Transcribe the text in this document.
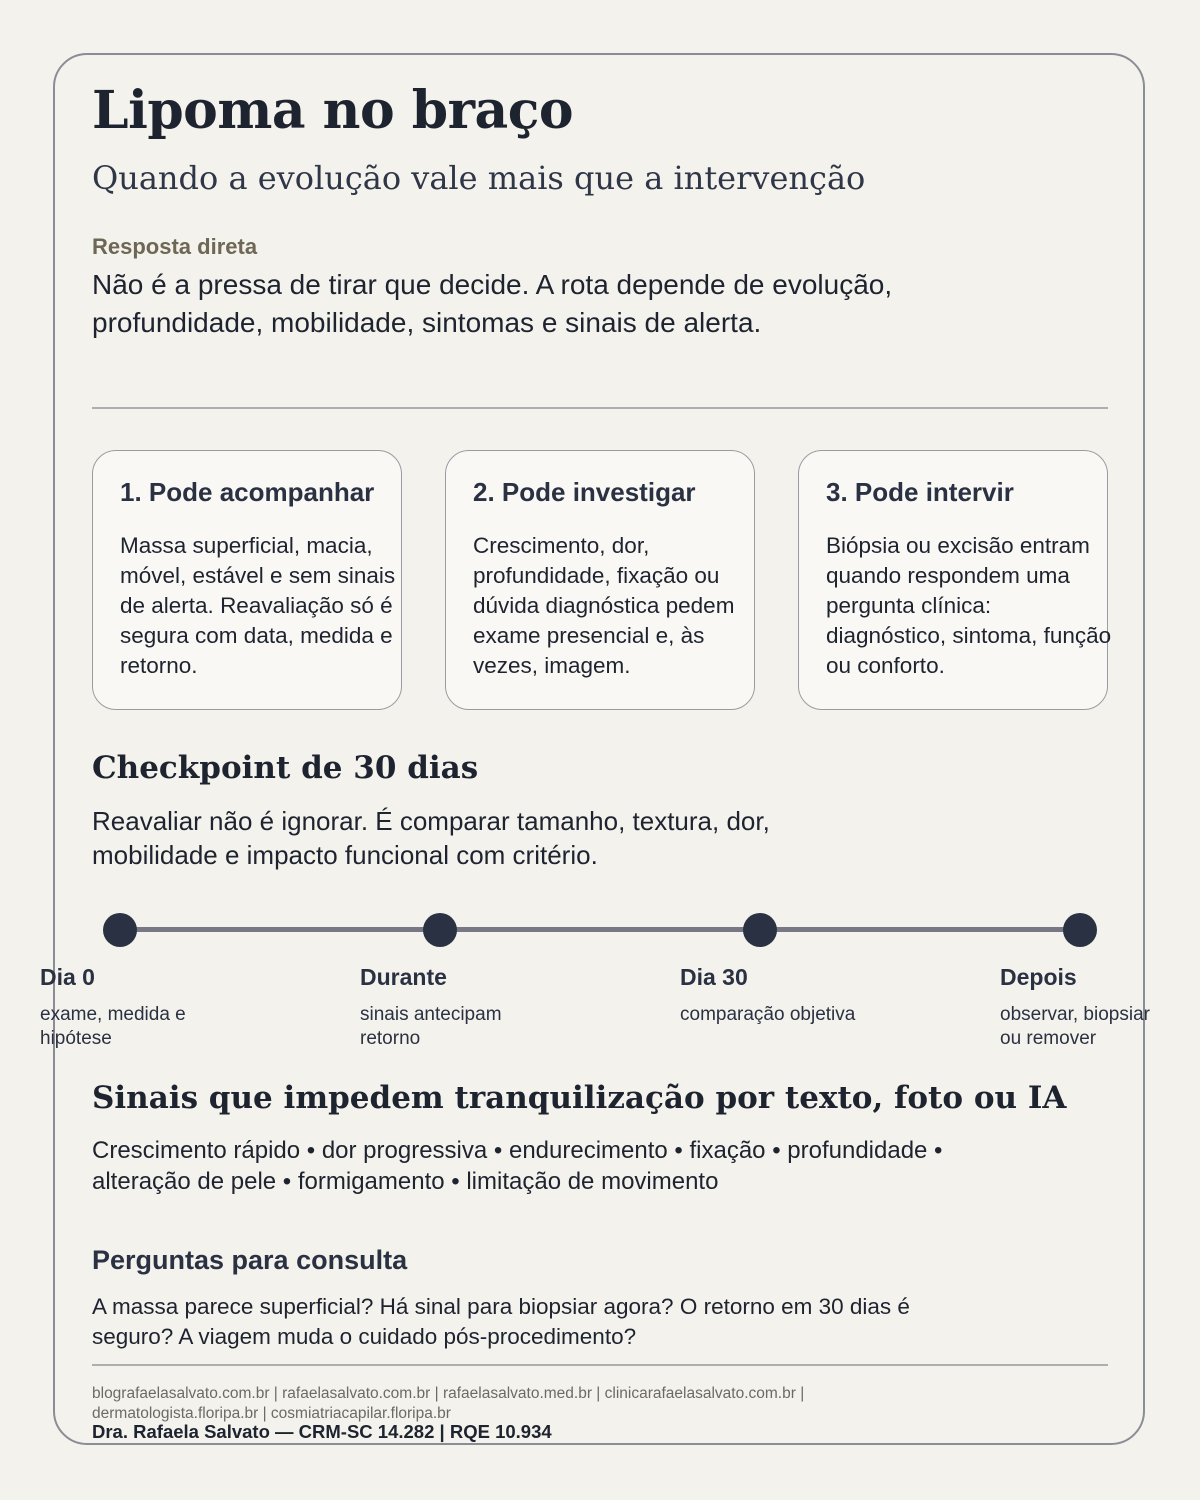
Lipoma no braço
Quando a evolução vale mais que a intervenção
Resposta direta
Não é a pressa de tirar que decide. A rota depende de evolução, profundidade, mobilidade, sintomas e sinais de alerta.
1. Pode acompanhar
Massa superficial, macia, móvel, estável e sem sinais de alerta. Reavaliação só é segura com data, medida e retorno.
2. Pode investigar
Crescimento, dor, profundidade, fixação ou dúvida diagnóstica pedem exame presencial e, às vezes, imagem.
3. Pode intervir
Biópsia ou excisão entram quando respondem uma pergunta clínica: diagnóstico, sintoma, função ou conforto.
Checkpoint de 30 dias
Reavaliar não é ignorar. É comparar tamanho, textura, dor, mobilidade e impacto funcional com critério.
Dia 0
exame, medida e hipótese
Durante
sinais antecipam retorno
Dia 30
comparação objetiva
Depois
observar, biopsiar ou remover
Sinais que impedem tranquilização por texto, foto ou IA
Crescimento rápido • dor progressiva • endurecimento • fixação • profundidade • alteração de pele • formigamento • limitação de movimento
Perguntas para consulta
A massa parece superficial? Há sinal para biopsiar agora? O retorno em 30 dias é seguro? A viagem muda o cuidado pós-procedimento?
blografaelasalvato.com.br | rafaelasalvato.com.br | rafaelasalvato.med.br | clinicarafaelasalvato.com.br | dermatologista.floripa.br | cosmiatriacapilar.floripa.br
Dra. Rafaela Salvato — CRM-SC 14.282 | RQE 10.934
